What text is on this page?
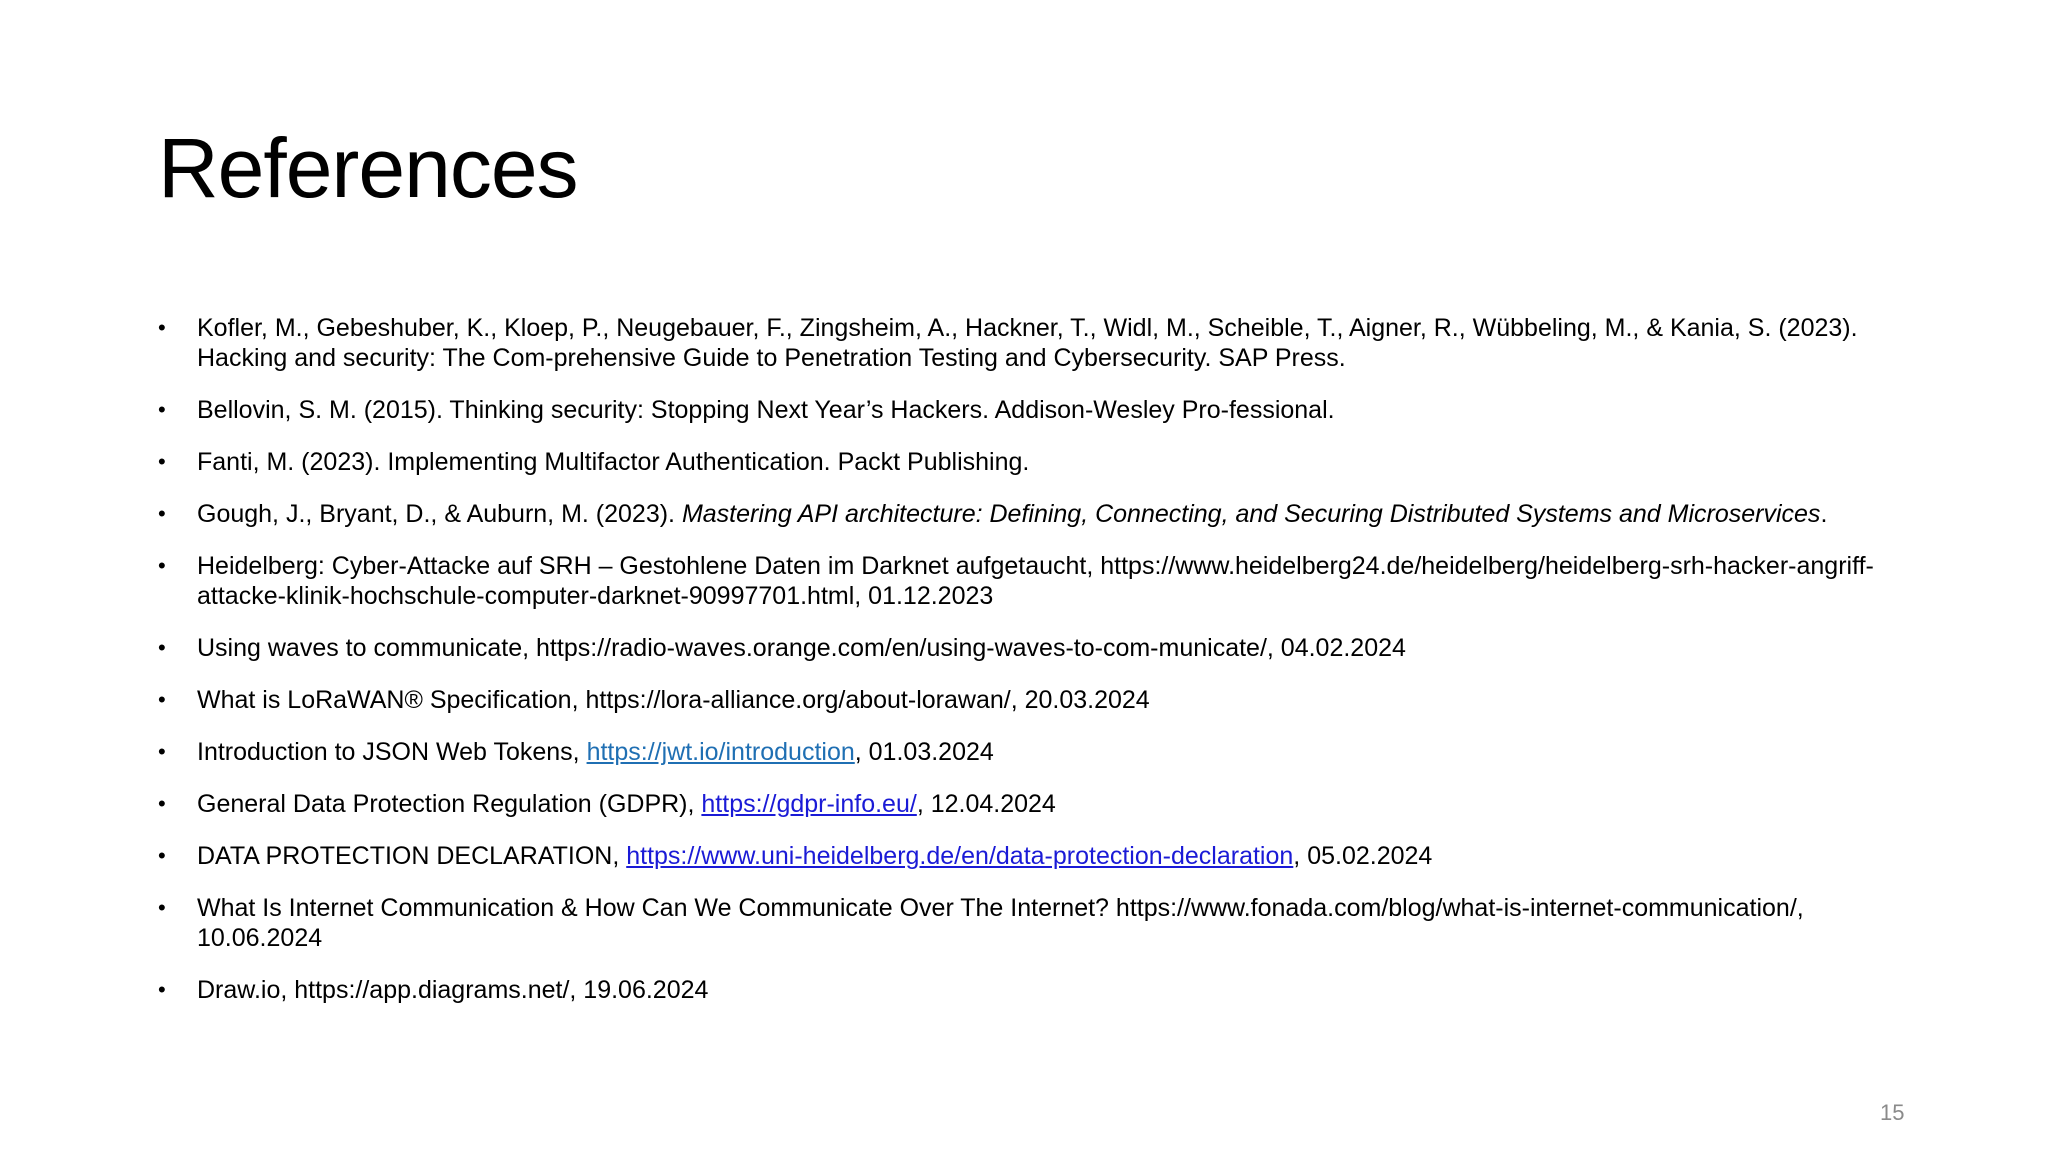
References
•	Kofler, M., Gebeshuber, K., Kloep, P., Neugebauer, F., Zingsheim, A., Hackner, T., Widl, M., Scheible, T., Aigner, R., Wübbeling, M., & Kania, S. (2023). Hacking and security: The Com-prehensive Guide to Penetration Testing and Cybersecurity. SAP Press.
•	Bellovin, S. M. (2015). Thinking security: Stopping Next Year’s Hackers. Addison-Wesley Pro-fessional.
•	Fanti, M. (2023). Implementing Multifactor Authentication. Packt Publishing.
•	Gough, J., Bryant, D., & Auburn, M. (2023). Mastering API architecture: Defining, Connecting, and Securing Distributed Systems and Microservices.
•	Heidelberg: Cyber-Attacke auf SRH – Gestohlene Daten im Darknet aufgetaucht, https://www.heidelberg24.de/heidelberg/heidelberg-srh-hacker-angriff-attacke-klinik-hochschule-computer-darknet-90997701.html, 01.12.2023
•	Using waves to communicate, https://radio-waves.orange.com/en/using-waves-to-com-municate/, 04.02.2024
•	What is LoRaWAN® Specification, https://lora-alliance.org/about-lorawan/, 20.03.2024
•	Introduction to JSON Web Tokens, https://jwt.io/introduction, 01.03.2024
•	General Data Protection Regulation (GDPR), https://gdpr-info.eu/, 12.04.2024
•	DATA PROTECTION DECLARATION, https://www.uni-heidelberg.de/en/data-protection-declaration, 05.02.2024
•	What Is Internet Communication & How Can We Communicate Over The Internet? https://www.fonada.com/blog/what-is-internet-communication/, 10.06.2024
•	Draw.io, https://app.diagrams.net/, 19.06.2024
15
